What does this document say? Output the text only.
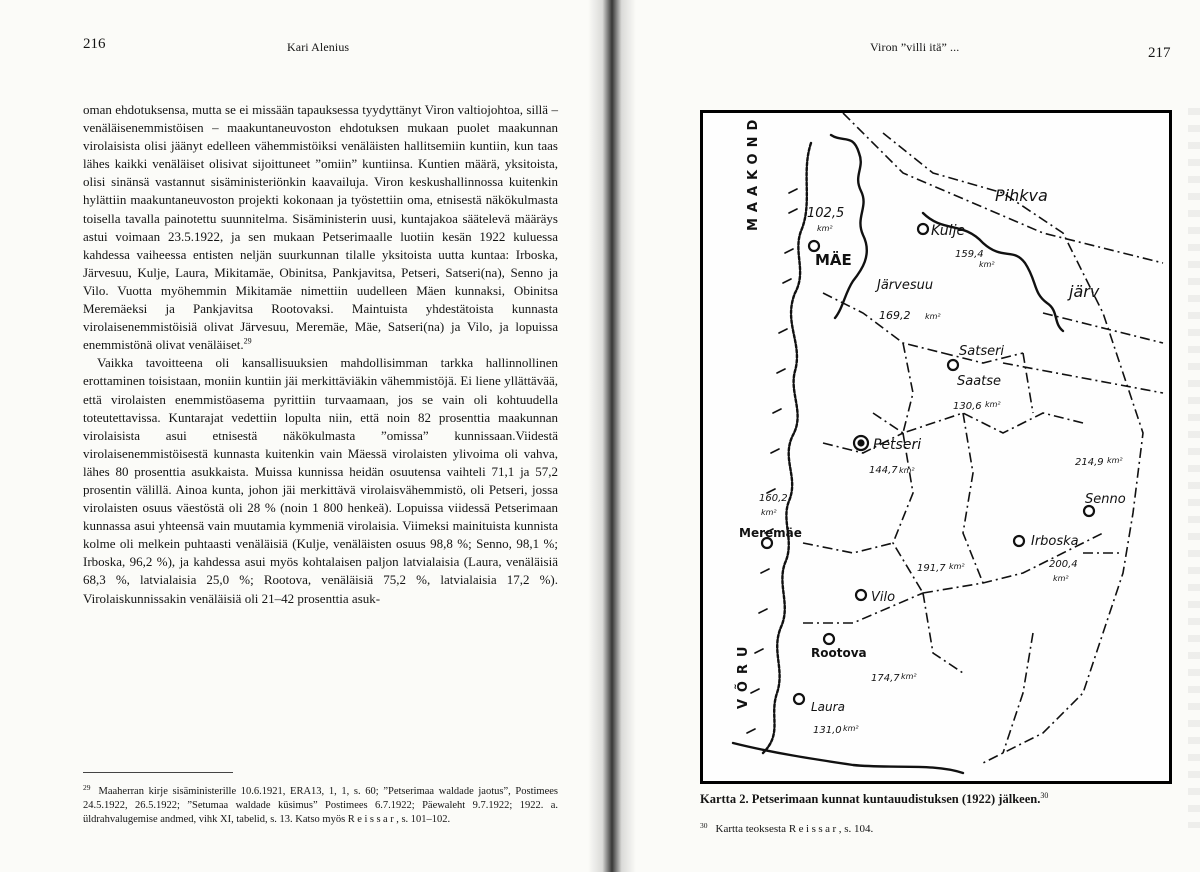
216	Kari Alenius

oman ehdotuksensa, mutta se ei missään tapauksessa tyydyttänyt Viron valtiojohtoa, sillä – venäläisenemmistöisen – maakuntaneuvoston ehdotuksen mukaan puolet maakunnan virolaisista olisi jäänyt edelleen vähemmistöiksi venäläisten hallitsemiin kuntiin, kun taas lähes kaikki venäläiset olisivat sijoittuneet ”omiin” kuntiinsa. Kuntien määrä, yksitoista, olisi sinänsä vastannut sisäministeriönkin kaavailuja. Viron keskushallinnossa kuitenkin hylättiin maakuntaneuvoston projekti kokonaan ja työstettiin oma, etnisestä näkökulmasta toisella tavalla painotettu suunnitelma. Sisäministerin uusi, kuntajakoa säätelevä määräys astui voimaan 23.5.1922, ja sen mukaan Petserimaalle luotiin kesän 1922 kuluessa kahdessa vaiheessa entisten neljän suurkunnan tilalle yksitoista uutta kuntaa: Irboska, Järvesuu, Kulje, Laura, Mikitamäe, Obinitsa, Pankjavitsa, Petseri, Satseri(na), Senno ja Vilo. Vuotta myöhemmin Mikitamäe nimettiin uudelleen Mäen kunnaksi, Obinitsa Meremäeksi ja Pankjavitsa Rootovaksi. Maintuista yhdestätoista kunnasta virolaisenemmistöisiä olivat Järvesuu, Meremäe, Mäe, Satseri(na) ja Vilo, ja lopuissa enemmistönä olivat venäläiset.$^{29}$

Vaikka tavoitteena oli kansallisuuksien mahdollisimman tarkka hallinnollinen erottaminen toisistaan, moniin kuntiin jäi merkittäviäkin vähemmistöjä. Ei liene yllättävää, että virolaisten enemmistöasema pyrittiin turvaamaan, jos se vain oli kohtuudella toteutettavissa. Kuntarajat vedettiin lopulta niin, että noin 82 prosenttia maakunnan virolaisista asui etnisestä näkökulmasta ”omissa” kunnissaan.Viidestä virolaisenemmistöisestä kunnasta kuitenkin vain Mäessä virolaisten ylivoima oli vahva, lähes 80 prosenttia asukkaista. Muissa kunnissa heidän osuutensa vaihteli 71,1 ja 57,2 prosentin välillä. Ainoa kunta, johon jäi merkittävä virolaisvähemmistö, oli Petseri, jossa virolaisten osuus väestöstä oli 28 % (noin 1 800 henkeä). Lopuissa viidessä Petserimaan kunnassa asui yhteensä vain muutamia kymmeniä virolaisia. Viimeksi mainituista kunnista kolme oli melkein puhtaasti venäläisiä (Kulje, venäläisten osuus 98,8 %; Senno, 98,1 %; Irboska, 96,2 %), ja kahdessa asui myös kohtalaisen paljon latvialaisia (Laura, venäläisiä 68,3 %, latvialaisia 25,0 %; Rootova, venäläisiä 75,2 %, latvialaisia 17,2 %). Virolaiskunnissakin venäläisiä oli 21–42 prosenttia asuk-

$^{29}$ Maaherran kirje sisäministerille 10.6.1921, ERA13, 1, 1, s. 60; ”Petserimaa waldade jaotus”, Postimees 24.5.1922, 26.5.1922; ”Setumaa waldade küsimus” Postimees 6.7.1922; Päewaleht 9.7.1922; 1922. a. üldrahvalugemise andmed, vihk XI, tabelid, s. 13. Katso myös Reissar, s. 101–102.
Viron ”villi itä” ...	217
Pihkva
järv
MAAKOND
VÕRU
MÄE
102,5
km²	Kulje
159,4
km²
Järvesuu
169,2 km²
Satseri
Saatse
130,6 km²
Petseri
144,7 km²
214,9 km²
Senno
160,2
km²
Meremäe
Irboska
200,4
km²
191,7 km²
Vilo
Rootova
174,7 km²
Laura
131,0 km²
Kartta 2. Petserimaan kunnat kuntauudistuksen (1922) jälkeen.$^{30}$
$^{30}$ Kartta teoksesta Reissar, s. 104.
